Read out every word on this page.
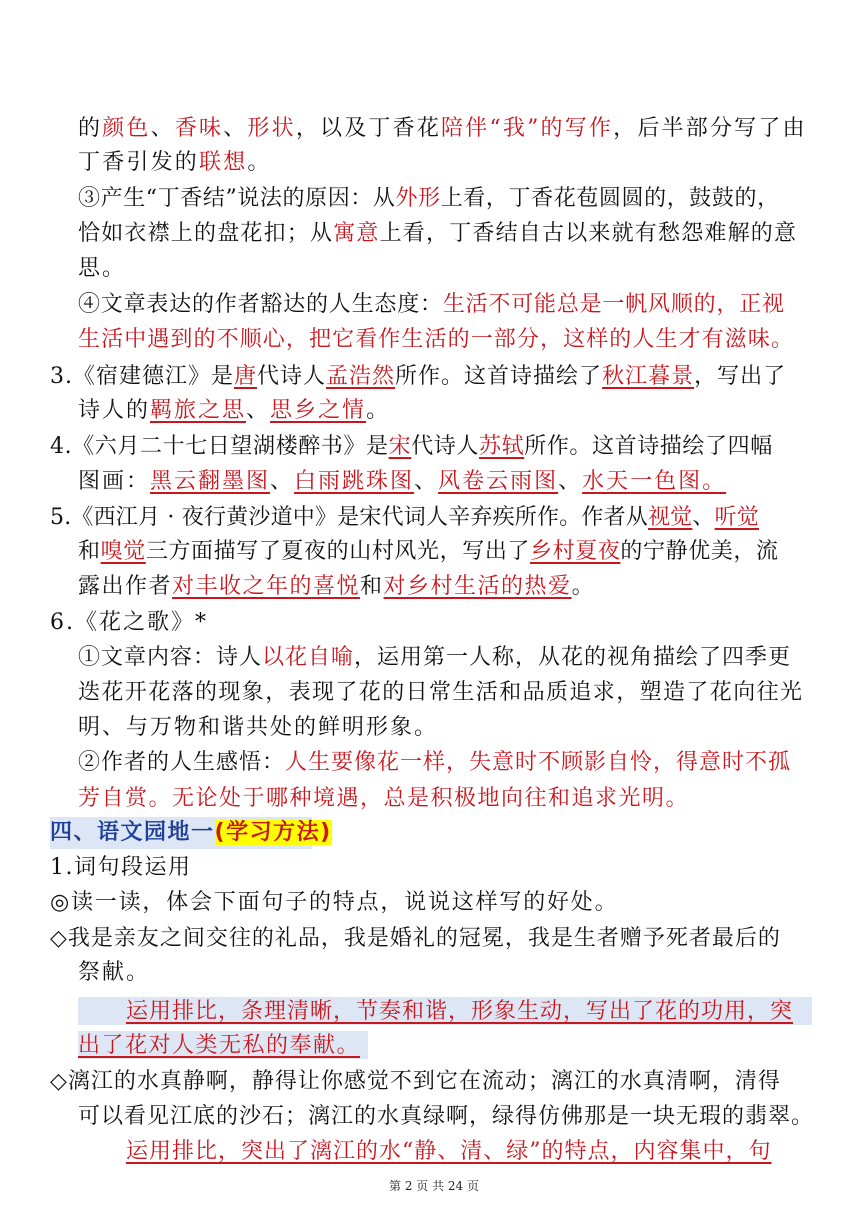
的颜色、香味、形状，以及丁香花陪伴“我”的写作，后半部分写了由
丁香引发的联想。
③产生“丁香结”说法的原因：从外形上看，丁香花苞圆圆的，鼓鼓的，
恰如衣襟上的盘花扣；从寓意上看，丁香结自古以来就有愁怨难解的意
思。
④文章表达的作者豁达的人生态度：生活不可能总是一帆风顺的，正视
生活中遇到的不顺心，把它看作生活的一部分，这样的人生才有滋味。
3.《宿建德江》是唐代诗人孟浩然所作。这首诗描绘了秋江暮景，写出了
诗人的羁旅之思、思乡之情。
4.《六月二十七日望湖楼醉书》是宋代诗人苏轼所作。这首诗描绘了四幅
图画：黑云翻墨图、白雨跳珠图、风卷云雨图、水天一色图。
5.《西江月 · 夜行黄沙道中》是宋代词人辛弃疾所作。作者从视觉、听觉
和嗅觉三方面描写了夏夜的山村风光，写出了乡村夏夜的宁静优美，流
露出作者对丰收之年的喜悦和对乡村生活的热爱。
6.《花之歌》*
①文章内容：诗人以花自喻，运用第一人称，从花的视角描绘了四季更
迭花开花落的现象，表现了花的日常生活和品质追求，塑造了花向往光
明、与万物和谐共处的鲜明形象。
②作者的人生感悟：人生要像花一样，失意时不顾影自怜，得意时不孤
芳自赏。无论处于哪种境遇，总是积极地向往和追求光明。
四、语文园地一(学习方法)
1.词句段运用
◎读一读，体会下面句子的特点，说说这样写的好处。
◇我是亲友之间交往的礼品，我是婚礼的冠冕，我是生者赠予死者最后的
祭献。
运用排比，条理清晰，节奏和谐，形象生动，写出了花的功用，突
出了花对人类无私的奉献。
◇漓江的水真静啊，静得让你感觉不到它在流动；漓江的水真清啊，清得
可以看见江底的沙石；漓江的水真绿啊，绿得仿佛那是一块无瑕的翡翠。
运用排比，突出了漓江的水“静、清、绿”的特点，内容集中，句
第 2 页 共 24 页
